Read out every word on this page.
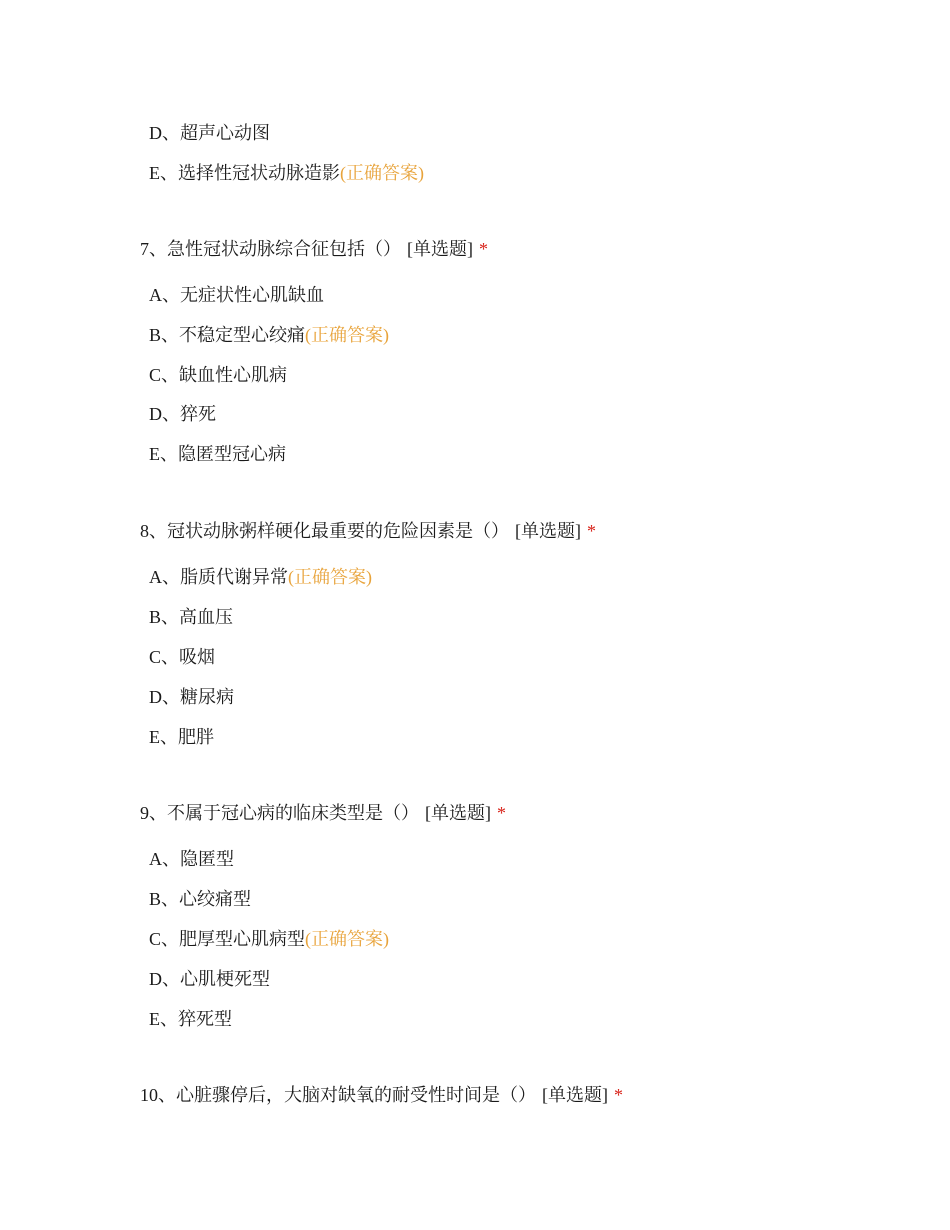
D、超声心动图
E、选择性冠状动脉造影(正确答案)
7、急性冠状动脉综合征包括（） [单选题] *
A、无症状性心肌缺血
B、不稳定型心绞痛(正确答案)
C、缺血性心肌病
D、猝死
E、隐匿型冠心病
8、冠状动脉粥样硬化最重要的危险因素是（） [单选题] *
A、脂质代谢异常(正确答案)
B、高血压
C、吸烟
D、糖尿病
E、肥胖
9、不属于冠心病的临床类型是（） [单选题] *
A、隐匿型
B、心绞痛型
C、肥厚型心肌病型(正确答案)
D、心肌梗死型
E、猝死型
10、心脏骤停后，大脑对缺氧的耐受性时间是（） [单选题] *
